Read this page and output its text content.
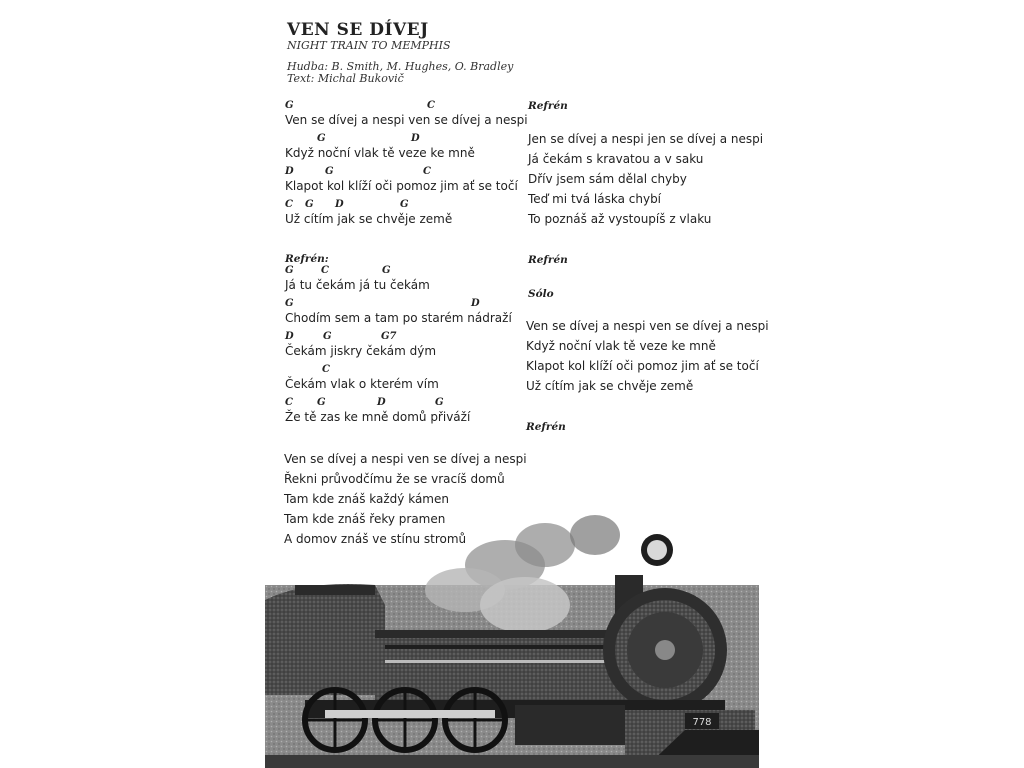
VEN SE DÍVEJ
NIGHT TRAIN TO MEMPHIS
Hudba: B. Smith, M. Hughes, O. Bradley
Text: Michal Bukovič
G	C
Ven se dívej a nespi ven se dívej a nespi
G	D
Když noční vlak tě veze ke mně
D	G	C
Klapot kol klíží oči pomoz jim ať se točí
C G D	G
Už cítím jak se chvěje země
Refrén:
G	C	G
Já tu čekám já tu čekám
G	D
Chodím sem a tam po starém nádraží
D	G	G7
Čekám jiskry čekám dým
C
Čekám vlak o kterém vím
C G	D	G
Že tě zas ke mně domů přiváží
Ven se dívej a nespi ven se dívej a nespi
Řekni průvodčímu že se vracíš domů
Tam kde znáš každý kámen
Tam kde znáš řeky pramen
A domov znáš ve stínu stromů
Refrén
Jen se dívej a nespi jen se dívej a nespi
Já čekám s kravatou a v saku
Dřív jsem sám dělal chyby
Teď mi tvá láska chybí
To poznáš až vystoupíš z vlaku
Refrén
Sólo
Ven se dívej a nespi ven se dívej a nespi
Když noční vlak tě veze ke mně
Klapot kol klíží oči pomoz jim ať se točí
Už cítím jak se chvěje země
Refrén
778
